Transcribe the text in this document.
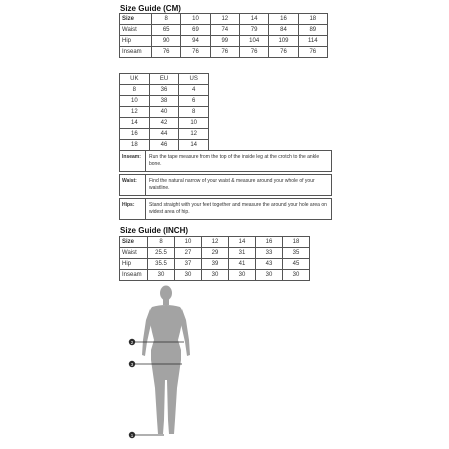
Size Guide (CM)
Size	8	10	12	14	16	18
Waist	65	69	74	79	84	89
Hip	90	94	99	104	109	114
Inseam	76	76	76	76	76	76
UK	EU	US
8	36	4
10	38	6
12	40	8
14	42	10
16	44	12
18	46	14
Inseam:	Run the tape measure from the top of the inside leg at the crotch to the ankle bone.
Waist:	Find the natural narrow of your waist & measure around your whole of your waistline.
Hips:	Stand straight with your feet together and measure the around your hole area on widest area of hip.
Size Guide (INCH)
Size	8	10	12	14	16	18
Waist	25.5	27	29	31	33	35
Hip	35.5	37	39	41	43	45
Inseam	30	30	30	30	30	30
2
3
1
